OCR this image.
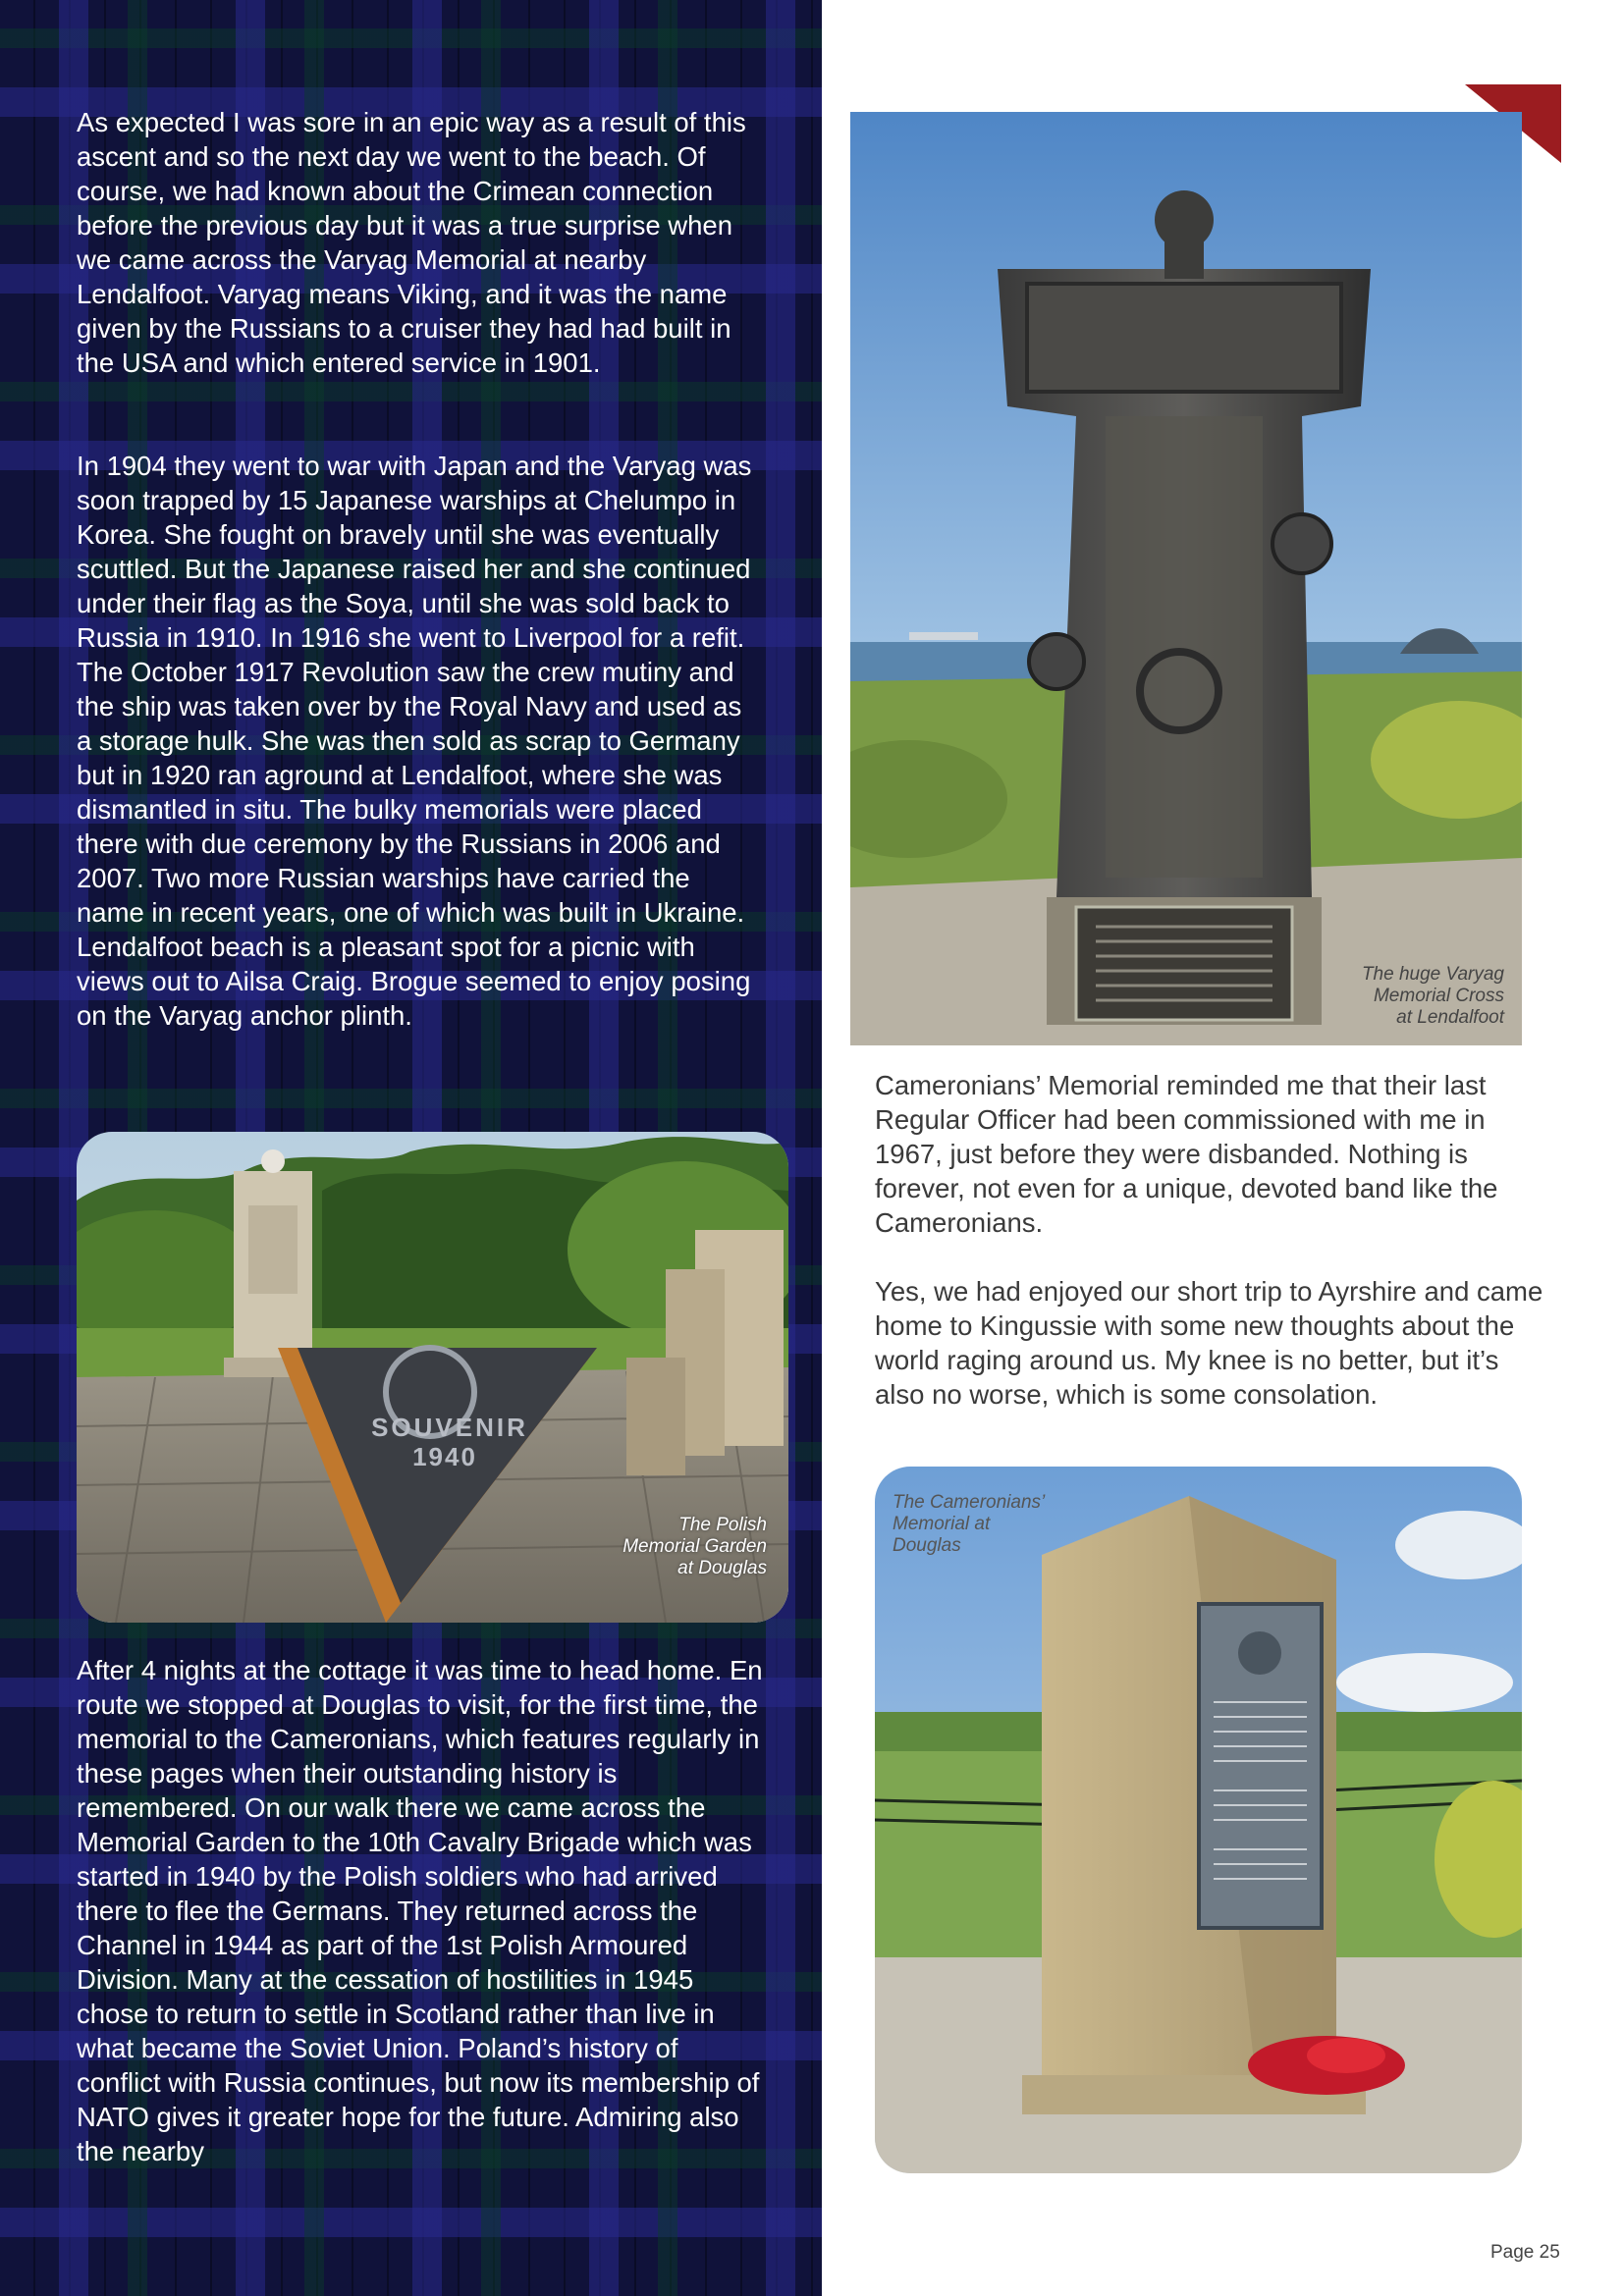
As expected I was sore in an epic way as a result of this ascent and so the next day we went to the beach. Of course, we had known about the Crimean connection before the previous day but it was a true surprise when we came across the Varyag Memorial at nearby Lendalfoot. Varyag means Viking, and it was the name given by the Russians to a cruiser they had had built in the USA and which entered service in 1901.

In 1904 they went to war with Japan and the Varyag was soon trapped by 15 Japanese warships at Chelumpo in Korea. She fought on bravely until she was eventually scuttled. But the Japanese raised her and she continued under their flag as the Soya, until she was sold back to Russia in 1910. In 1916 she went to Liverpool for a refit. The October 1917 Revolution saw the crew mutiny and the ship was taken over by the Royal Navy and used as a storage hulk. She was then sold as scrap to Germany but in 1920 ran aground at Lendalfoot, where she was dismantled in situ. The bulky memorials were placed there with due ceremony by the Russians in 2006 and 2007. Two more Russian warships have carried the name in recent years, one of which was built in Ukraine. Lendalfoot beach is a pleasant spot for a picnic with views out to Ailsa Craig. Brogue seemed to enjoy posing on the Varyag anchor plinth.

SOUVENIR
1940

The Polish
Memorial Garden
at Douglas

After 4 nights at the cottage it was time to head home. En route we stopped at Douglas to visit, for the first time, the memorial to the Cameronians, which features regularly in these pages when their outstanding history is remembered. On our walk there we came across the Memorial Garden to the 10th Cavalry Brigade which was started in 1940 by the Polish soldiers who had arrived there to flee the Germans. They returned across the Channel in 1944 as part of the 1st Polish Armoured Division. Many at the cessation of hostilities in 1945 chose to return to settle in Scotland rather than live in what became the Soviet Union. Poland’s history of conflict with Russia continues, but now its membership of NATO gives it greater hope for the future. Admiring also the nearby

The huge Varyag
Memorial Cross
at Lendalfoot

Cameronians’ Memorial reminded me that their last Regular Officer had been commissioned with me in 1967, just before they were disbanded. Nothing is forever, not even for a unique, devoted band like the Cameronians.

Yes, we had enjoyed our short trip to Ayrshire and came home to Kingussie with some new thoughts about the world raging around us. My knee is no better, but it’s also no worse, which is some consolation.

The Cameronians’
Memorial at
Douglas

Page 25
